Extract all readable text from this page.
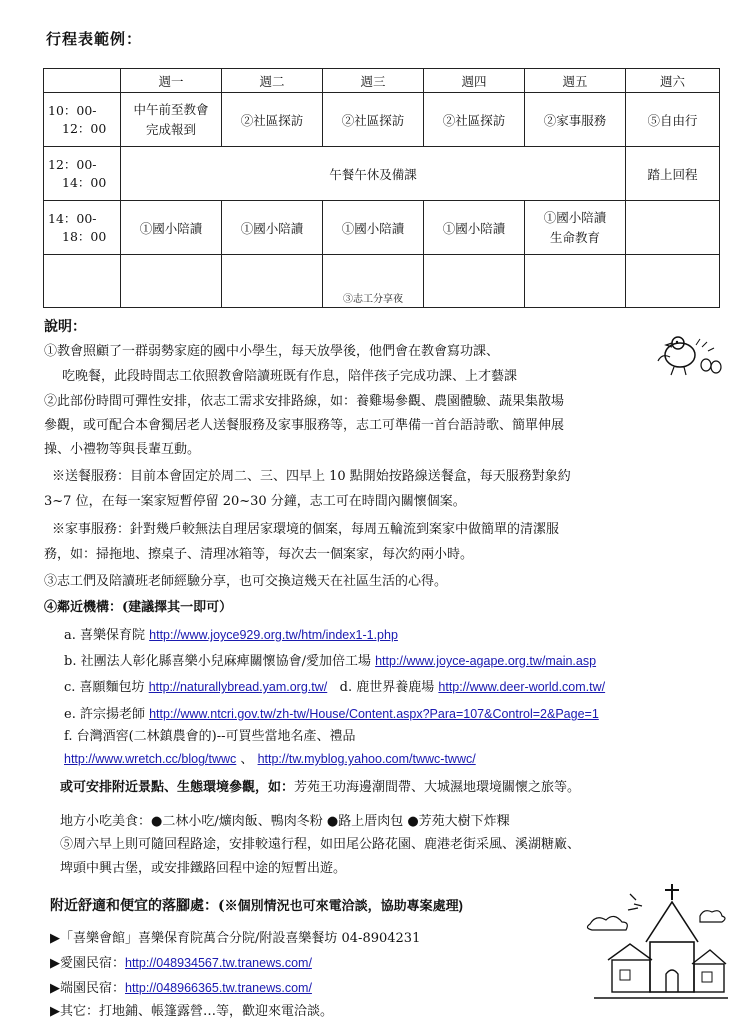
行程表範例：
	週一	週二	週三	週四	週五	週六
10：00-
12：00	中午前至教會完成報到	②社區探訪	②社區探訪	②社區探訪	②家事服務	⑤自由行
12：00-
14：00	午餐午休及備課					踏上回程
14：00-
18：00	①國小陪讀	①國小陪讀	①國小陪讀	①國小陪讀	①國小陪讀 生命教育	
			③志工分享夜			
說明：
①教會照顧了一群弱勢家庭的國中小學生，每天放學後，他們會在教會寫功課、
吃晚餐，此段時間志工依照教會陪讀班既有作息，陪伴孩子完成功課、上才藝課
②此部份時間可彈性安排，依志工需求安排路線，如：養雞場參觀、農園體驗、蔬果集散場
參觀，或可配合本會獨居老人送餐服務及家事服務等，志工可準備一首台語詩歌、簡單伸展
操、小禮物等與長輩互動。
※送餐服務：目前本會固定於周二、三、四早上 10 點開始按路線送餐盒，每天服務對象約
3~7 位，在每一案家短暫停留 20~30 分鐘，志工可在時間內關懷個案。
※家事服務：針對幾戶較無法自理居家環境的個案，每周五輪流到案家中做簡單的清潔服
務，如：掃拖地、擦桌子、清理冰箱等，每次去一個案家，每次約兩小時。
③志工們及陪讀班老師經驗分享，也可交換這幾天在社區生活的心得。
④鄰近機構：(建議擇其一即可）
a. 喜樂保育院 http://www.joyce929.org.tw/htm/index1-1.php
b. 社團法人彰化縣喜樂小兒麻痺關懷協會/愛加倍工場 http://www.joyce-agape.org.tw/main.asp
c. 喜願麵包坊 http://naturallybread.yam.org.tw/ d. 鹿世界養鹿場 http://www.deer-world.com.tw/
e. 許宗揚老師 http://www.ntcri.gov.tw/zh-tw/House/Content.aspx?Para=107&Control=2&Page=1
f. 台灣酒窖(二林鎮農會的)--可買些當地名產、禮品
http://www.wretch.cc/blog/twwc 、 http://tw.myblog.yahoo.com/twwc-twwc/
或可安排附近景點、生態環境參觀，如：芳苑王功海邊潮間帶、大城濕地環境關懷之旅等。
地方小吃美食：●二林小吃/爌肉飯、鴨肉冬粉 ●路上厝肉包 ●芳苑大樹下炸粿
⑤周六早上則可隨回程路途，安排較遠行程，如田尾公路花園、鹿港老街采風、溪湖糖廠、
埤頭中興古堡，或安排鐵路回程中途的短暫出遊。
附近舒適和便宜的落腳處：(※個別情況也可來電洽談，協助專案處理)
▶「喜樂會館」喜樂保育院萬合分院/附設喜樂餐坊 04-8904231
▶愛園民宿：http://048934567.tw.tranews.com/
▶端園民宿：http://048966365.tw.tranews.com/
▶其它：打地鋪、帳篷露營…等，歡迎來電洽談。
